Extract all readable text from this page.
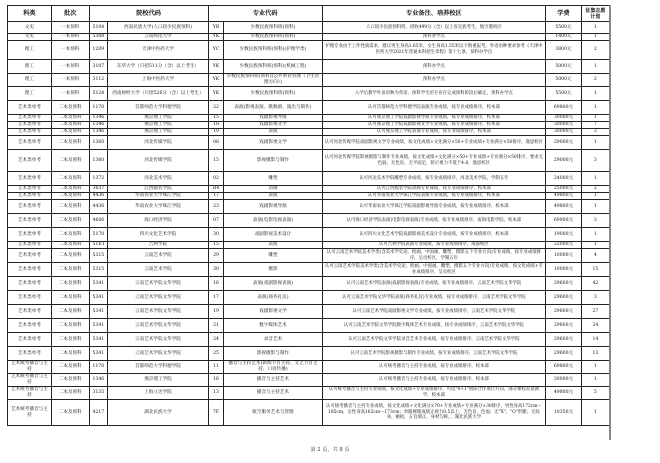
科类	批次	院校代码		专业代码		专业备注、培养校区	学费	征集志愿计划
文史	一本预科	5104	西南民族大学(人口较少民族预科)	YB	少数民族预科班(预科)	人口较少民族预科班，招收499分（含）以上省定族考生，航空港校区	5500元	1
文史	一本预科	5308	云南师范大学	YK	少数民族预科班(预科)	预科办学点	1400元	1
理工	一本预科	1209	天津中医药大学	YC	少数民族预科班(预科)(护理学类)	护理专业由于工作性质需求，建议男生身高1.65米、女生身高1.55米以下慎重报考。外语语种要求参考《天津中医药大学2021年普通本科招生章程》第十七条，预科办学点	3800元	2
理工	一本预科	3107	东华大学（只招511分（含）以上考生）	YK	少数民族预科班(预科)(机械工程)	预科办学点	5000元	1
理工	一本预科	3112	上海中医药大学	YK	少数民族预科班(预科)(公共事业管理（卫生管理方向）)	预科办学点	5000元	2
理工	一本预科	5124	西南财经大学（只招526分（含）以上考生）	YK	少数民族预科班(预科)	入学后教学外语语种为英语，预科学生的专业在完成预科阶段后确定，预科办学点	5500元	1
艺术类单考	二本及预科	1170	首都师范大学科德学院	22	表演(影视表演、歌舞剧、演出与制作)	认可首都师范大学科德学院表演专业成绩，按专业成绩排序，校本部	69800元	1
艺术类单考	二本及预科	1346	燕京理工学院	15	戏剧影视导演	认可燕京理工学院戏剧影视导演专业成绩，按专业成绩排序，校本部	30000元	1
艺术类单考	二本及预科	1346	燕京理工学院	18	戏剧影视文学	认可燕京理工学院戏剧影视文学专业成绩，按专业成绩排序，校本部	30000元	7
艺术类单考	二本及预科	1346	燕京理工学院	19	表演	认可燕京理工学院表演专业成绩，按专业成绩排序，校本部	30000元	3
艺术类单考	二本及预科	1360	河北传媒学院	08	戏剧影视文学	认可河北传媒学院戏剧影视文学专业成绩，按文化成绩+文化满分×50+专业成绩+专业满分×50排序，逸思校区	29000元	1
艺术类单考	二本及预科	1360	河北传媒学院	15	影视摄影与制作	认可河北传媒学院影视摄影与制作专业成绩，按文化成绩+文化满分×50+专业成绩+专业满分×50排序，要求无色弱、无色盲、无平面足，矫正视力不低于4.8，逸思校区	29000元	3
艺术类单考	二本及预科	1372	河北美术学院	02	雕塑	认可河北美术学院雕塑专业成绩，按专业成绩排序，河北美术学院，学制五年	24000元	1
艺术类单考	二本及预科	3637	江西服装学院	B4	动画	认可江西服装学院动画专业成绩，按专业成绩排序，校本部	25000元	2
艺术类单考	二本及预科	4436	华南农业大学珠江学院	17	表演	认可华南农业大学珠江学院表演专业成绩，按专业成绩排序，校本部	49800元	1
艺术类单考	二本及预科	4436	华南农业大学珠江学院	23	戏剧影视导演	认可华南农业大学珠江学院戏剧影视导演专业成绩，按专业成绩排序，校本部	49800元	1
艺术类单考	二本及预科	4606	海口经济学院	07	表演(电影电视表演)	认可海口经济学院表演(电影电视表演)专业成绩，按专业成绩排序，南海电影学院，校本部	69900元	3
艺术类单考	二本及预科	5170	四川文化艺术学院	30	戏剧影视美术设计	认可四川文化艺术学院戏剧影视美术设计专业成绩，按专业成绩排序，校本部	19000元	1
艺术类单考	二本及预科	51E1	吉利学院	15	表演	认可吉利学院表演专业成绩，按专业成绩排序，成都校区	32000元	1
艺术类单考	二本及预科	5315	云南艺术学院	29	雕塑	认可云南艺术学院美术学类(含美术学史论、绘画、中国画、雕塑、摄影五个专业方向)专业成绩，按专业成绩排序，呈贡校区，学制五年	10000元	4
艺术类单考	二本及预科	5315	云南艺术学院	30	摄影	认可云南艺术学院美术学类(含美术学史论、绘画、中国画、雕塑、摄影五个专业方向)专业成绩，按文化成绩+专业成绩排序，呈贡校区	10000元	15
艺术类单考	二本及预科	5341	云南艺术学院文华学院	16	表演(戏剧影视表演)	认可云南艺术学院表演(戏剧影视表演)专业成绩，按专业成绩排序，云南艺术学院文华学院	29600元	42
艺术类单考	二本及预科	5341	云南艺术学院文华学院	17	表演(商务礼仪)	认可云南艺术学院文华学院表演(商务礼仪)专业成绩，按专业成绩排序，云南艺术学院文华学院	29600元	3
艺术类单考	二本及预科	5341	云南艺术学院文华学院	19	戏剧影视文学	认可云南艺术学院戏剧影视文学专业成绩，按专业成绩排序，云南艺术学院文华学院	29600元	27
艺术类单考	二本及预科	5341	云南艺术学院文华学院	21	数字媒体艺术	认可云南艺术学院文华学院数字媒体艺术专业成绩，按专业成绩排序，云南艺术学院文华学院	29600元	24
艺术类单考	二本及预科	5341	云南艺术学院文华学院	24	录音艺术	认可云南艺术学院文华学院录音艺术专业成绩，按专业成绩排序，云南艺术学院文华学院	29600元	14
艺术类单考	二本及预科	5341	云南艺术学院文华学院	25	影视摄影与制作	认可云南艺术学院影视摄影与制作专业成绩，按专业成绩排序，云南艺术学院文华学院	29600元	13
艺术统考播音与主持	二本及预科	1170	首都师范大学科德学院	11	播音与主持艺术(新闻节目主持、文艺节目主持、口语传播)	认可统考播音与主持专业成绩，按专业成绩排序，校本部	69800元	1
艺术统考播音与主持	二本及预科	1346	燕京理工学院	16	播音与主持艺术	认可统考播音与主持专业成绩，按专业成绩排序，校本部	30000元	1
艺术统考播音与主持	二本及预科	3135	上海立达学院	13	播音与主持艺术	认可统考播音与主持专业成绩，按文化成绩+专业成绩排序，可选"4+1"国际合作项目方向，部分课程双语教学，校本部	49800元	5
艺术统考播音与主持	二本及预科	4217	湖北民族大学	7F	航空服务艺术与管理	认可统考播音与主持专业成绩，按文化成绩+文化满分×70+专业成绩+专业满分×30排序，男性身高172cm～185cm，女性身高162cm～173cm；单眼裸眼成绩正视力0.5以上，无色盲、色弱；无"X"、"O"形腿；无纹身，瘢痕，五官端正，身材匀称，，湖北民族大学	10350元	1
第 2 页，共 8 页
